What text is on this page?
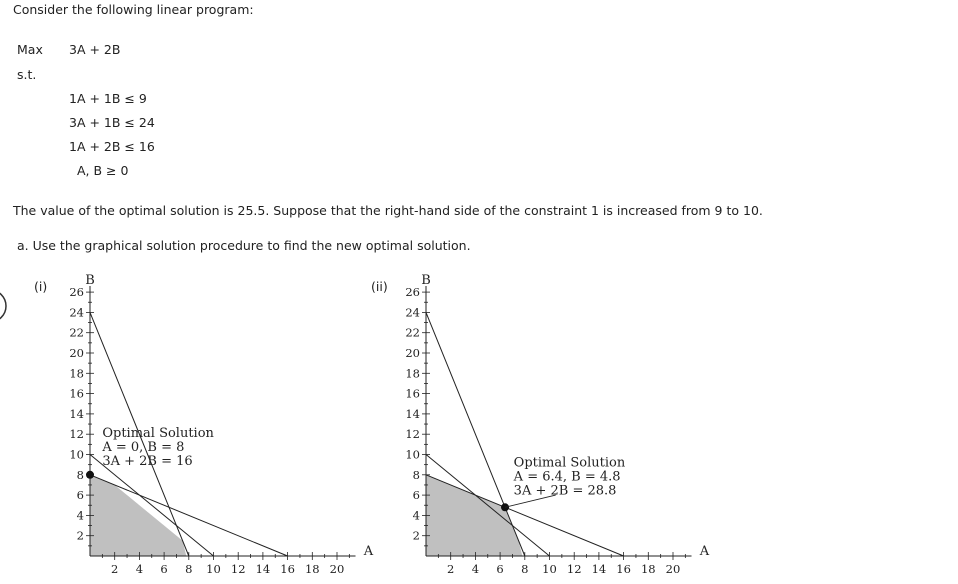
Consider the following linear program:
Max 3A + 2B
s.t.
1A + 1B ≤ 9
3A + 1B ≤ 24
1A + 2B ≤ 16
A, B ≥ 0
The value of the optimal solution is 25.5. Suppose that the right-hand side of the constraint 1 is increased from 9 to 10.
a. Use the graphical solution procedure to find the new optimal solution.
(i)	(ii)
2
4
6
8
10
12
14
16
18
20
22
24
26
2 4 6 8 10 12 14 16 18 20
B
A
Optimal Solution
A = 0, B = 8
3A + 2B = 16
2
4
6
8
10
12
14
16
18
20
22
24
26
2 4 6 8 10 12 14 16 18 20
B
A
Optimal Solution
A = 6.4, B = 4.8
3A + 2B = 28.8
